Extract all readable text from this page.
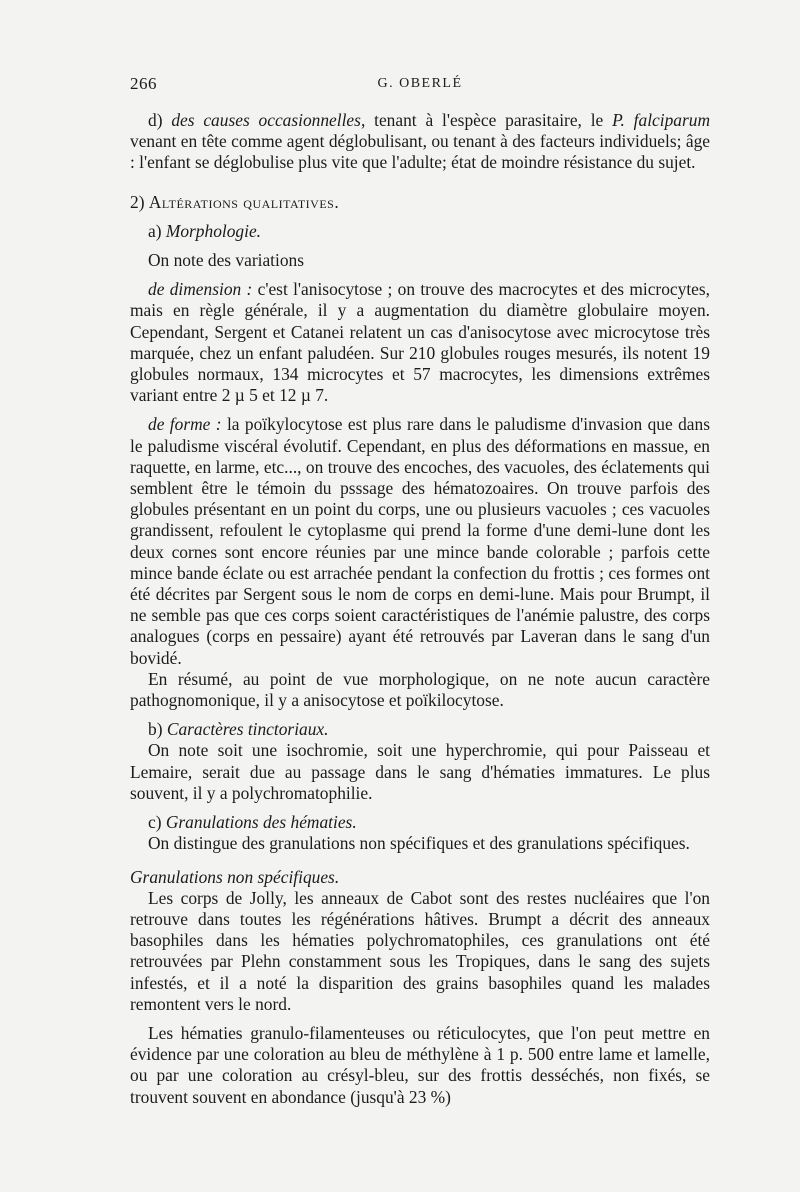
266	G. OBERLÉ

d) des causes occasionnelles, tenant à l'espèce parasitaire, le P. falciparum venant en tête comme agent déglobulisant, ou tenant à des facteurs individuels; âge : l'enfant se déglobulise plus vite que l'adulte; état de moindre résistance du sujet.

2) Altérations qualitatives.

a) Morphologie.

On note des variations

de dimension : c'est l'anisocytose ; on trouve des macrocytes et des microcytes, mais en règle générale, il y a augmentation du diamètre globulaire moyen. Cependant, Sergent et Catanei relatent un cas d'anisocytose avec microcytose très marquée, chez un enfant paludéen. Sur 210 globules rouges mesurés, ils notent 19 globules normaux, 134 microcytes et 57 macrocytes, les dimensions extrêmes variant entre 2 µ 5 et 12 µ 7.

de forme : la poïkylocytose est plus rare dans le paludisme d'invasion que dans le paludisme viscéral évolutif. Cependant, en plus des déformations en massue, en raquette, en larme, etc..., on trouve des encoches, des vacuoles, des éclatements qui semblent être le témoin du psssage des hématozoaires. On trouve parfois des globules présentant en un point du corps, une ou plusieurs vacuoles ; ces vacuoles grandissent, refoulent le cytoplasme qui prend la forme d'une demi-lune dont les deux cornes sont encore réunies par une mince bande colorable ; parfois cette mince bande éclate ou est arrachée pendant la confection du frottis ; ces formes ont été décrites par Sergent sous le nom de corps en demi-lune. Mais pour Brumpt, il ne semble pas que ces corps soient caractéristiques de l'anémie palustre, des corps analogues (corps en pessaire) ayant été retrouvés par Laveran dans le sang d'un bovidé.

En résumé, au point de vue morphologique, on ne note aucun caractère pathognomonique, il y a anisocytose et poïkilocytose.

b) Caractères tinctoriaux.

On note soit une isochromie, soit une hyperchromie, qui pour Paisseau et Lemaire, serait due au passage dans le sang d'hématies immatures. Le plus souvent, il y a polychromatophilie.

c) Granulations des hématies.

On distingue des granulations non spécifiques et des granulations spécifiques.

Granulations non spécifiques.

Les corps de Jolly, les anneaux de Cabot sont des restes nucléaires que l'on retrouve dans toutes les régénérations hâtives. Brumpt a décrit des anneaux basophiles dans les hématies polychromatophiles, ces granulations ont été retrouvées par Plehn constamment sous les Tropiques, dans le sang des sujets infestés, et il a noté la disparition des grains basophiles quand les malades remontent vers le nord.

Les hématies granulo-filamenteuses ou réticulocytes, que l'on peut mettre en évidence par une coloration au bleu de méthylène à 1 p. 500 entre lame et lamelle, ou par une coloration au crésyl-bleu, sur des frottis desséchés, non fixés, se trouvent souvent en abondance (jusqu'à 23 %)
